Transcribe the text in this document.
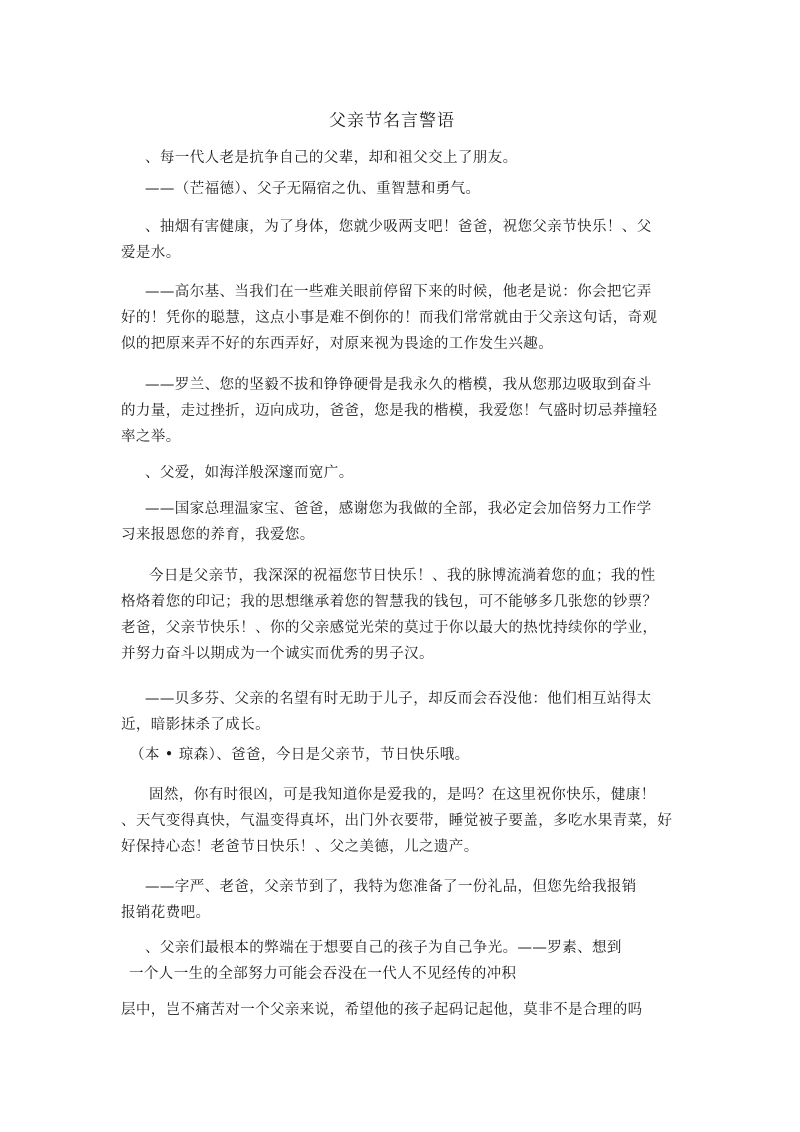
父亲节名言警语
、每一代人老是抗争自己的父辈，却和祖父交上了朋友。
——（芒福德）、父子无隔宿之仇、重智慧和勇气。
、抽烟有害健康，为了身体，您就少吸两支吧！爸爸，祝您父亲节快乐！、父
爱是水。
——高尔基、当我们在一些难关眼前停留下来的时候，他老是说：你会把它弄
好的！凭你的聪慧，这点小事是难不倒你的！而我们常常就由于父亲这句话，奇观
似的把原来弄不好的东西弄好，对原来视为畏途的工作发生兴趣。
——罗兰、您的坚毅不拔和铮铮硬骨是我永久的楷模，我从您那边吸取到奋斗
的力量，走过挫折，迈向成功，爸爸，您是我的楷模，我爱您！气盛时切忌莽撞轻
率之举。
、父爱，如海洋般深邃而宽广。
——国家总理温家宝、爸爸，感谢您为我做的全部，我必定会加倍努力工作学
习来报恩您的养育，我爱您。
今日是父亲节，我深深的祝福您节日快乐！、我的脉博流淌着您的血；我的性
格烙着您的印记；我的思想继承着您的智慧我的钱包，可不能够多几张您的钞票？
老爸，父亲节快乐！、你的父亲感觉光荣的莫过于你以最大的热忱持续你的学业，
并努力奋斗以期成为一个诚实而优秀的男子汉。
——贝多芬、父亲的名望有时无助于儿子，却反而会吞没他：他们相互站得太
近，暗影抹杀了成长。
（本 • 琼森）、爸爸，今日是父亲节，节日快乐哦。
固然，你有时很凶，可是我知道你是爱我的，是吗？在这里祝你快乐，健康！
、天气变得真快，气温变得真坏，出门外衣要带，睡觉被子要盖，多吃水果青菜，好
好保持心态！老爸节日快乐！、父之美德，儿之遗产。
——字严、老爸，父亲节到了，我特为您准备了一份礼品，但您先给我报销
报销花费吧。
、父亲们最根本的弊端在于想要自己的孩子为自己争光。——罗素、想到
一个人一生的全部努力可能会吞没在一代人不见经传的冲积
层中，岂不痛苦对一个父亲来说，希望他的孩子起码记起他，莫非不是合理的吗
